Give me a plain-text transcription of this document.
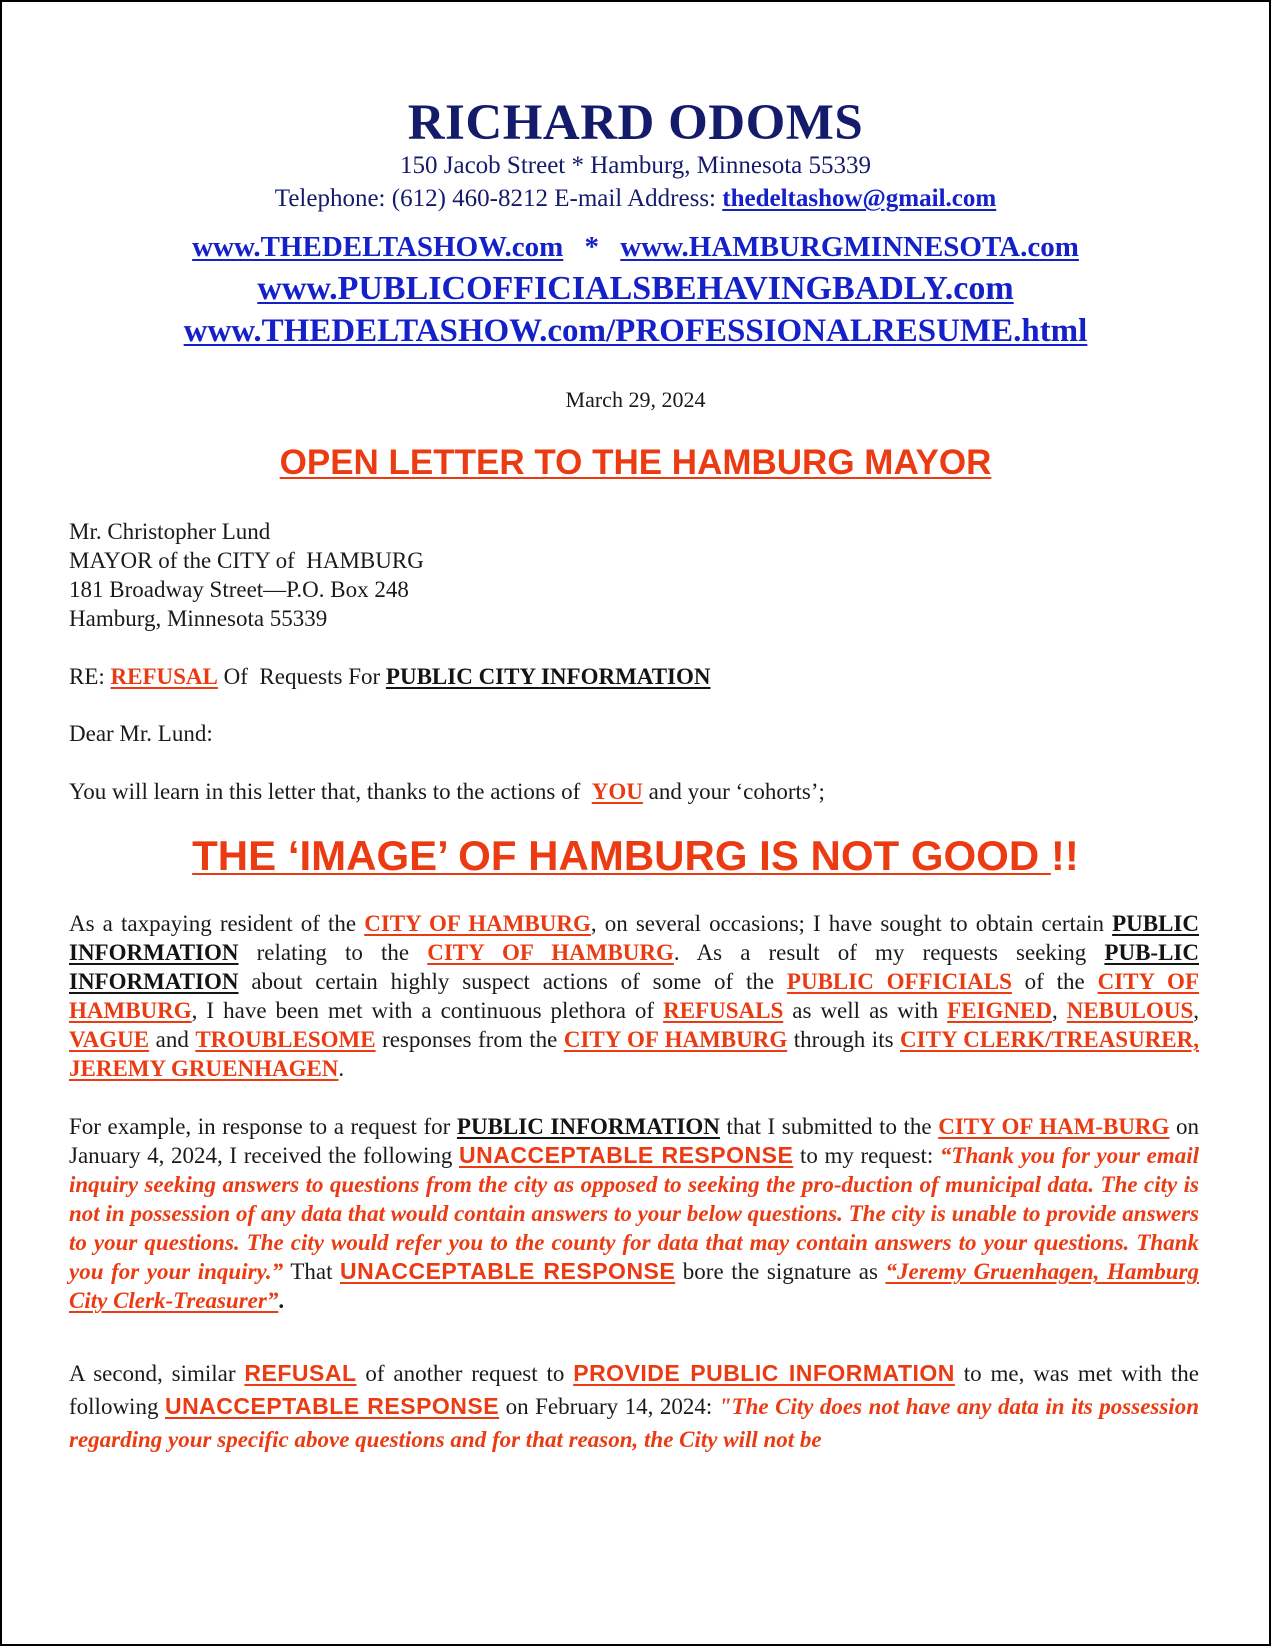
RICHARD ODOMS
150 Jacob Street * Hamburg, Minnesota 55339
Telephone: (612) 460-8212 E-mail Address: thedeltashow@gmail.com
www.THEDELTASHOW.com * www.HAMBURGMINNESOTA.com
www.PUBLICOFFICIALSBEHAVINGBADLY.com
www.THEDELTASHOW.com/PROFESSIONALRESUME.html
March 29, 2024
OPEN LETTER TO THE HAMBURG MAYOR
Mr. Christopher Lund
MAYOR of the CITY of  HAMBURG
181 Broadway Street—P.O. Box 248
Hamburg, Minnesota 55339
RE: REFUSAL Of  Requests For PUBLIC CITY INFORMATION
Dear Mr. Lund:
You will learn in this letter that, thanks to the actions of  YOU and your ‘cohorts’;
THE ‘IMAGE’ OF HAMBURG IS NOT GOOD !!
As a taxpaying resident of the CITY OF HAMBURG, on several occasions; I have sought to obtain certain PUBLIC INFORMATION relating to the CITY OF HAMBURG. As a result of my requests seeking PUB-LIC INFORMATION about certain highly suspect actions of some of the PUBLIC OFFICIALS of the CITY OF HAMBURG, I have been met with a continuous plethora of REFUSALS as well as with FEIGNED, NEBULOUS, VAGUE and TROUBLESOME responses from the CITY OF HAMBURG through its CITY CLERK/TREASURER, JEREMY GRUENHAGEN.
For example, in response to a request for PUBLIC INFORMATION that I submitted to the CITY OF HAM-BURG on January 4, 2024, I received the following UNACCEPTABLE RESPONSE to my request: “Thank you for your email inquiry seeking answers to questions from the city as opposed to seeking the pro-duction of municipal data. The city is not in possession of any data that would contain answers to your below questions. The city is unable to provide answers to your questions. The city would refer you to the county for data that may contain answers to your questions. Thank you for your inquiry.” That UNACCEPTABLE RESPONSE bore the signature as “Jeremy Gruenhagen, Hamburg City Clerk-Treasurer”.
A second, similar REFUSAL of another request to PROVIDE PUBLIC INFORMATION to me, was met with the following UNACCEPTABLE RESPONSE on February 14, 2024: "The City does not have any data in its possession regarding your specific above questions and for that reason, the City will not be
